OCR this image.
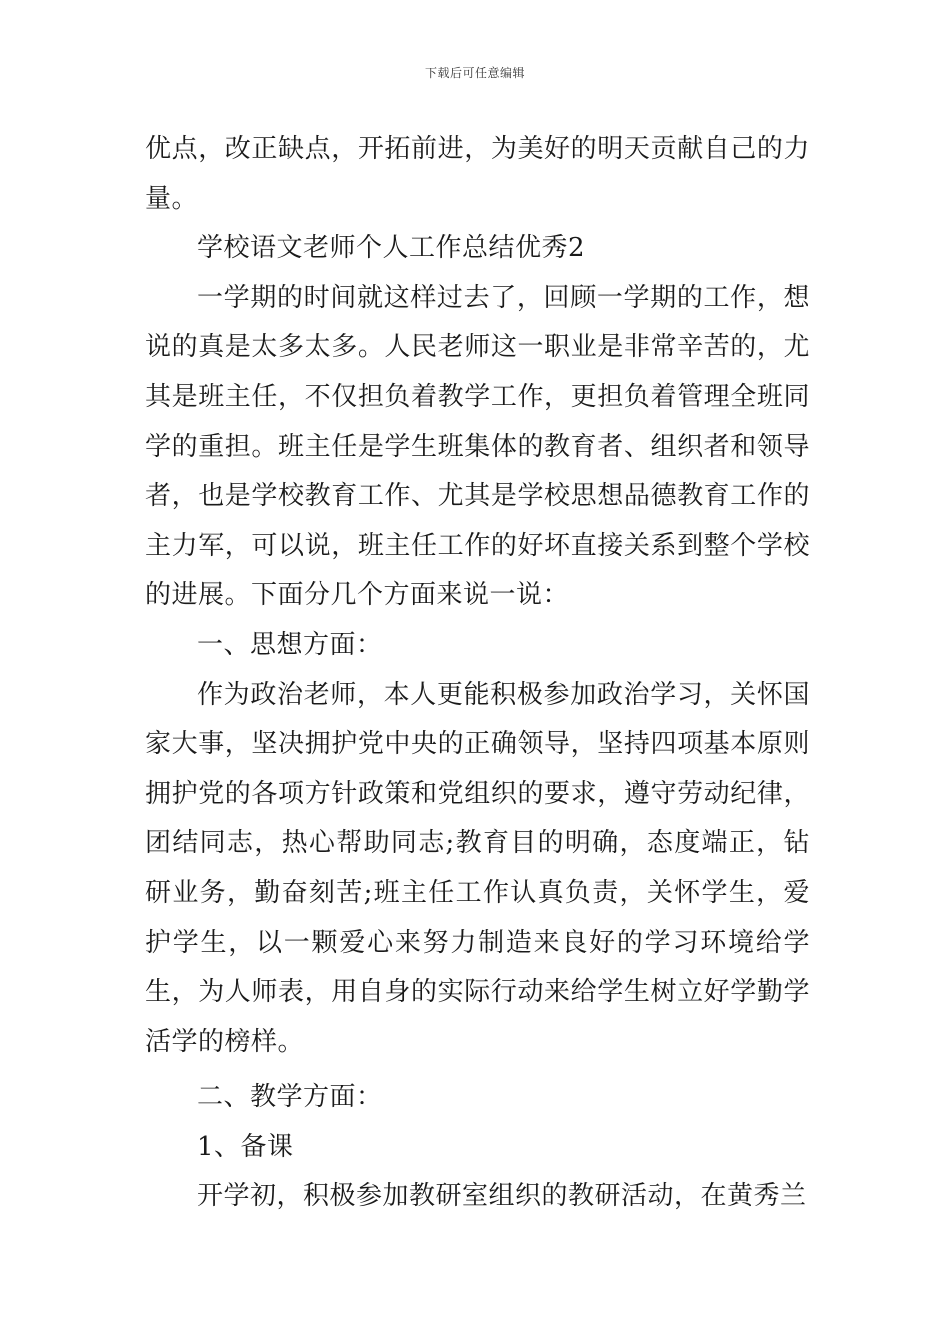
下载后可任意编辑

优点，改正缺点，开拓前进，为美好的明天贡献自己的力量。

学校语文老师个人工作总结优秀2

一学期的时间就这样过去了，回顾一学期的工作，想说的真是太多太多。人民老师这一职业是非常辛苦的，尤其是班主任，不仅担负着教学工作，更担负着管理全班同学的重担。班主任是学生班集体的教育者、组织者和领导者，也是学校教育工作、尤其是学校思想品德教育工作的主力军，可以说，班主任工作的好坏直接关系到整个学校的进展。下面分几个方面来说一说：

一、思想方面：

作为政治老师，本人更能积极参加政治学习，关怀国家大事，坚决拥护党中央的正确领导，坚持四项基本原则拥护党的各项方针政策和党组织的要求，遵守劳动纪律，团结同志，热心帮助同志;教育目的明确，态度端正，钻研业务，勤奋刻苦;班主任工作认真负责，关怀学生，爱护学生，以一颗爱心来努力制造来良好的学习环境给学生，为人师表，用自身的实际行动来给学生树立好学勤学活学的榜样。

二、教学方面：

1、备课

开学初，积极参加教研室组织的教研活动，在黄秀兰
